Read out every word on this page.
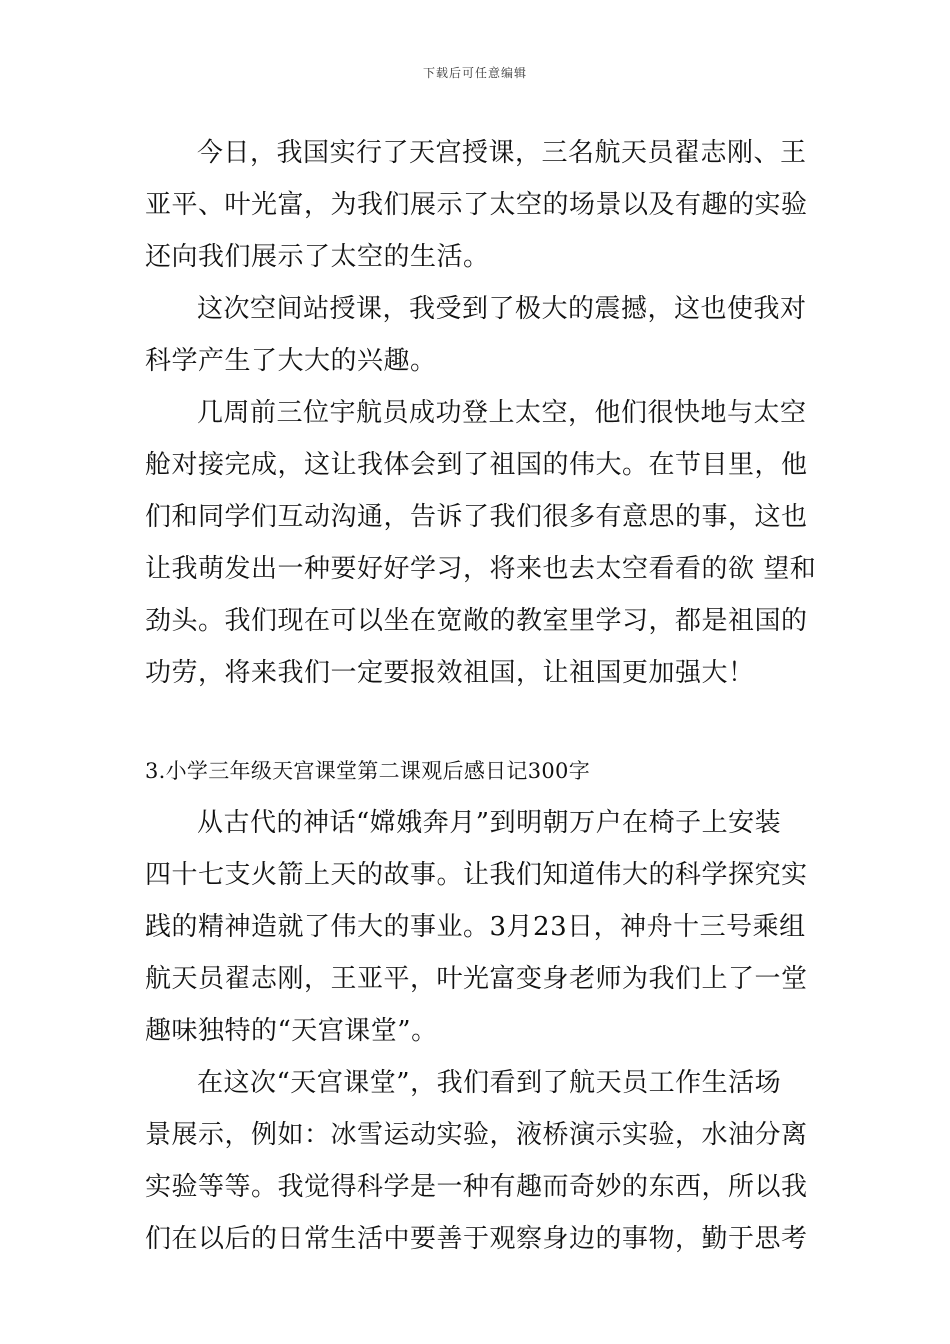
下载后可任意编辑
今日，我国实行了天宫授课，三名航天员翟志刚、王
亚平、叶光富，为我们展示了太空的场景以及有趣的实验
还向我们展示了太空的生活。
这次空间站授课，我受到了极大的震撼，这也使我对
科学产生了大大的兴趣。
几周前三位宇航员成功登上太空，他们很快地与太空
舱对接完成，这让我体会到了祖国的伟大。在节目里，他
们和同学们互动沟通，告诉了我们很多有意思的事，这也
让我萌发出一种要好好学习，将来也去太空看看的欲 望和
劲头。我们现在可以坐在宽敞的教室里学习，都是祖国的
功劳，将来我们一定要报效祖国，让祖国更加强大！
3.小学三年级天宫课堂第二课观后感日记300字
从古代的神话“嫦娥奔月”到明朝万户在椅子上安装
四十七支火箭上天的故事。让我们知道伟大的科学探究实
践的精神造就了伟大的事业。3月23日，神舟十三号乘组
航天员翟志刚，王亚平，叶光富变身老师为我们上了一堂
趣味独特的“天宫课堂”。
在这次“天宫课堂”，我们看到了航天员工作生活场
景展示，例如：冰雪运动实验，液桥演示实验，水油分离
实验等等。我觉得科学是一种有趣而奇妙的东西，所以我
们在以后的日常生活中要善于观察身边的事物，勤于思考
